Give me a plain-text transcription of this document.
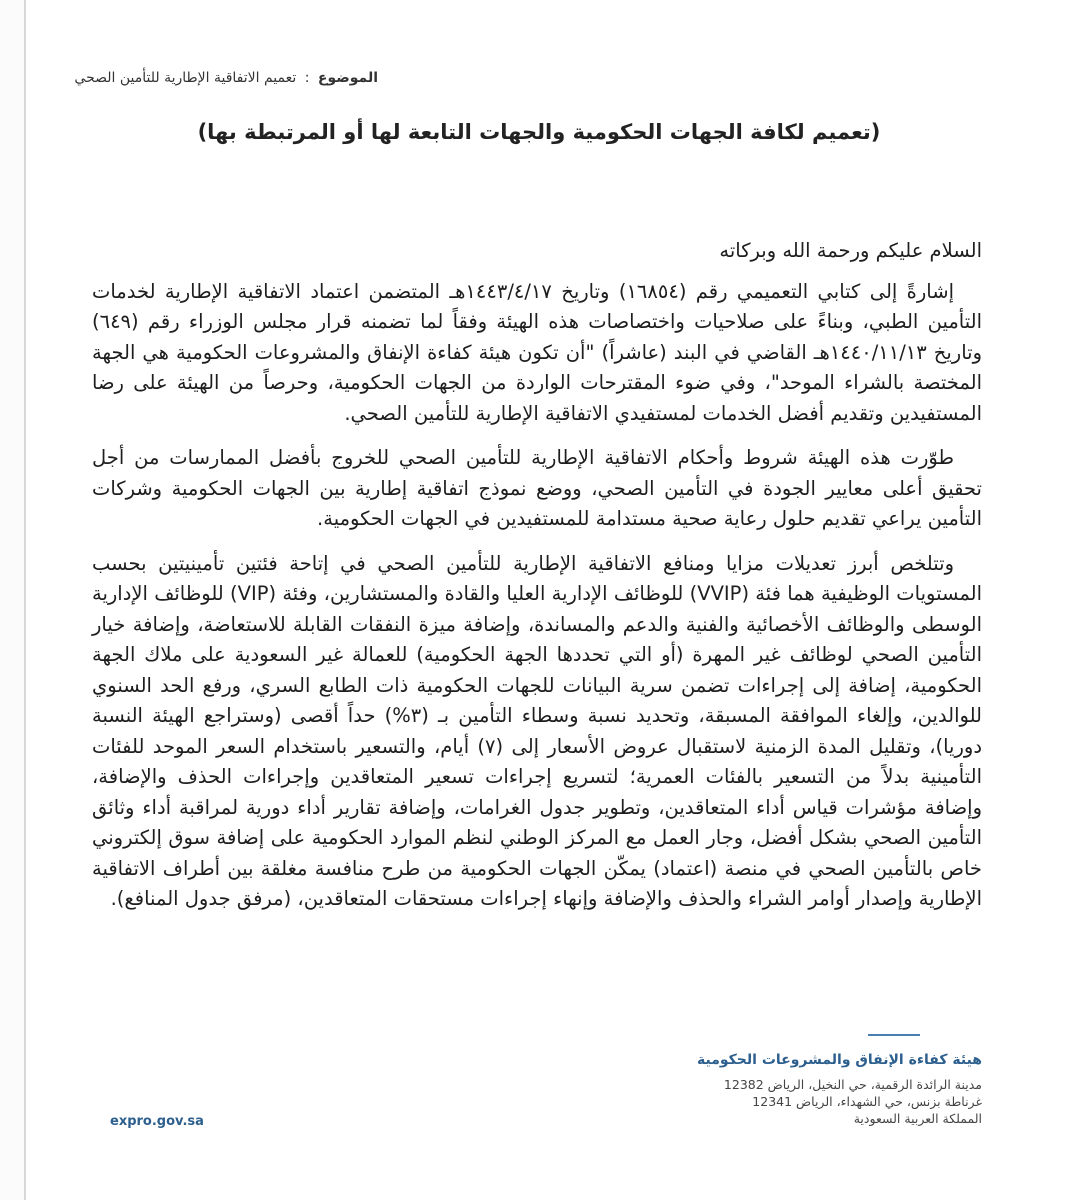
الموضوع : تعميم الاتفاقية الإطارية للتأمين الصحي
(تعميم لكافة الجهات الحكومية والجهات التابعة لها أو المرتبطة بها)

السلام عليكم ورحمة الله وبركاته

إشارةً إلى كتابي التعميمي رقم (١٦٨٥٤) وتاريخ ١٤٤٣/٤/١٧هـ المتضمن اعتماد الاتفاقية الإطارية لخدمات التأمين الطبي، وبناءً على صلاحيات واختصاصات هذه الهيئة وفقاً لما تضمنه قرار مجلس الوزراء رقم (٦٤٩) وتاريخ ١٤٤٠/١١/١٣هـ القاضي في البند (عاشراً) "أن تكون هيئة كفاءة الإنفاق والمشروعات الحكومية هي الجهة المختصة بالشراء الموحد"، وفي ضوء المقترحات الواردة من الجهات الحكومية، وحرصاً من الهيئة على رضا المستفيدين وتقديم أفضل الخدمات لمستفيدي الاتفاقية الإطارية للتأمين الصحي.

طوّرت هذه الهيئة شروط وأحكام الاتفاقية الإطارية للتأمين الصحي للخروج بأفضل الممارسات من أجل تحقيق أعلى معايير الجودة في التأمين الصحي، ووضع نموذج اتفاقية إطارية بين الجهات الحكومية وشركات التأمين يراعي تقديم حلول رعاية صحية مستدامة للمستفيدين في الجهات الحكومية.

وتتلخص أبرز تعديلات مزايا ومنافع الاتفاقية الإطارية للتأمين الصحي في إتاحة فئتين تأمينيتين بحسب المستويات الوظيفية هما فئة (VVIP) للوظائف الإدارية العليا والقادة والمستشارين، وفئة (VIP) للوظائف الإدارية الوسطى والوظائف الأخصائية والفنية والدعم والمساندة، وإضافة ميزة النفقات القابلة للاستعاضة، وإضافة خيار التأمين الصحي لوظائف غير المهرة (أو التي تحددها الجهة الحكومية) للعمالة غير السعودية على ملاك الجهة الحكومية، إضافة إلى إجراءات تضمن سرية البيانات للجهات الحكومية ذات الطابع السري، ورفع الحد السنوي للوالدين، وإلغاء الموافقة المسبقة، وتحديد نسبة وسطاء التأمين بـ (٣%) حداً أقصى (وستراجع الهيئة النسبة دوريا)، وتقليل المدة الزمنية لاستقبال عروض الأسعار إلى (٧) أيام، والتسعير باستخدام السعر الموحد للفئات التأمينية بدلاً من التسعير بالفئات العمرية؛ لتسريع إجراءات تسعير المتعاقدين وإجراءات الحذف والإضافة، وإضافة مؤشرات قياس أداء المتعاقدين، وتطوير جدول الغرامات، وإضافة تقارير أداء دورية لمراقبة أداء وثائق التأمين الصحي بشكل أفضل، وجار العمل مع المركز الوطني لنظم الموارد الحكومية على إضافة سوق إلكتروني خاص بالتأمين الصحي في منصة (اعتماد) يمكّن الجهات الحكومية من طرح منافسة مغلقة بين أطراف الاتفاقية الإطارية وإصدار أوامر الشراء والحذف والإضافة وإنهاء إجراءات مستحقات المتعاقدين، (مرفق جدول المنافع).

هيئة كفاءة الإنفاق والمشروعات الحكومية
مدينة الرائدة الرقمية، حي النخيل، الرياض 12382
غرناطة بزنس، حي الشهداء، الرياض 12341
المملكة العربية السعودية
expro.gov.sa
